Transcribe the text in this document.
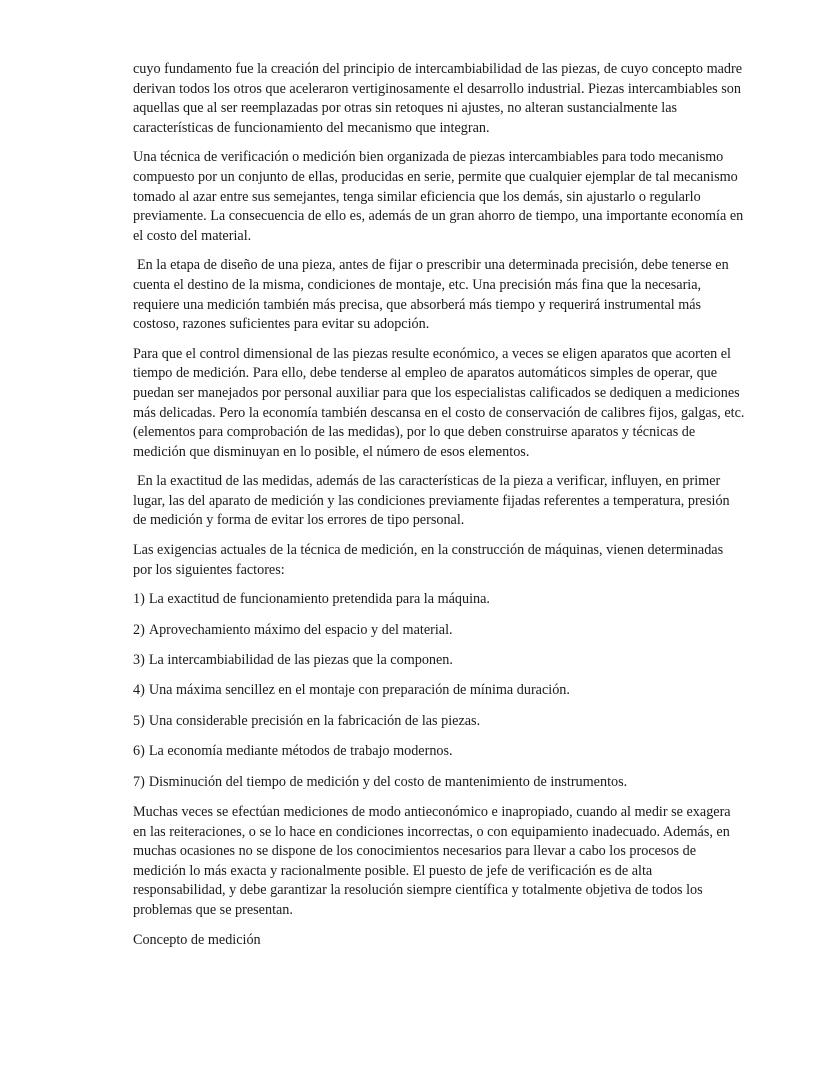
cuyo fundamento fue la creación del principio de intercambiabilidad de las piezas, de cuyo concepto madre derivan todos los otros que aceleraron vertiginosamente el desarrollo industrial. Piezas intercambiables son aquellas que al ser reemplazadas por otras sin retoques ni ajustes, no alteran sustancialmente las características de funcionamiento del mecanismo que integran.

Una técnica de verificación o medición bien organizada de piezas intercambiables para todo mecanismo compuesto por un conjunto de ellas, producidas en serie, permite que cualquier ejemplar de tal mecanismo tomado al azar entre sus semejantes, tenga similar eficiencia que los demás, sin ajustarlo o regularlo previamente. La consecuencia de ello es, además de un gran ahorro de tiempo, una importante economía en el costo del material.

En la etapa de diseño de una pieza, antes de fijar o prescribir una determinada precisión, debe tenerse en cuenta el destino de la misma, condiciones de montaje, etc. Una precisión más fina que la necesaria, requiere una medición también más precisa, que absorberá más tiempo y requerirá instrumental más costoso, razones suficientes para evitar su adopción.

Para que el control dimensional de las piezas resulte económico, a veces se eligen aparatos que acorten el tiempo de medición. Para ello, debe tenderse al empleo de aparatos automáticos simples de operar, que puedan ser manejados por personal auxiliar para que los especialistas calificados se dediquen a mediciones más delicadas. Pero la economía también descansa en el costo de conservación de calibres fijos, galgas, etc. (elementos para comprobación de las medidas), por lo que deben construirse aparatos y técnicas de medición que disminuyan en lo posible, el número de esos elementos.

En la exactitud de las medidas, además de las características de la pieza a verificar, influyen, en primer lugar, las del aparato de medición y las condiciones previamente fijadas referentes a temperatura, presión de medición y forma de evitar los errores de tipo personal.

Las exigencias actuales de la técnica de medición, en la construcción de máquinas, vienen determinadas por los siguientes factores:

1) La exactitud de funcionamiento pretendida para la máquina.

2) Aprovechamiento máximo del espacio y del material.

3) La intercambiabilidad de las piezas que la componen.

4) Una máxima sencillez en el montaje con preparación de mínima duración.

5) Una considerable precisión en la fabricación de las piezas.

6) La economía mediante métodos de trabajo modernos.

7) Disminución del tiempo de medición y del costo de mantenimiento de instrumentos.

Muchas veces se efectúan mediciones de modo antieconómico e inapropiado, cuando al medir se exagera en las reiteraciones, o se lo hace en condiciones incorrectas, o con equipamiento inadecuado. Además, en muchas ocasiones no se dispone de los conocimientos necesarios para llevar a cabo los procesos de medición lo más exacta y racionalmente posible. El puesto de jefe de verificación es de alta responsabilidad, y debe garantizar la resolución siempre científica y totalmente objetiva de todos los problemas que se presentan.

Concepto de medición
